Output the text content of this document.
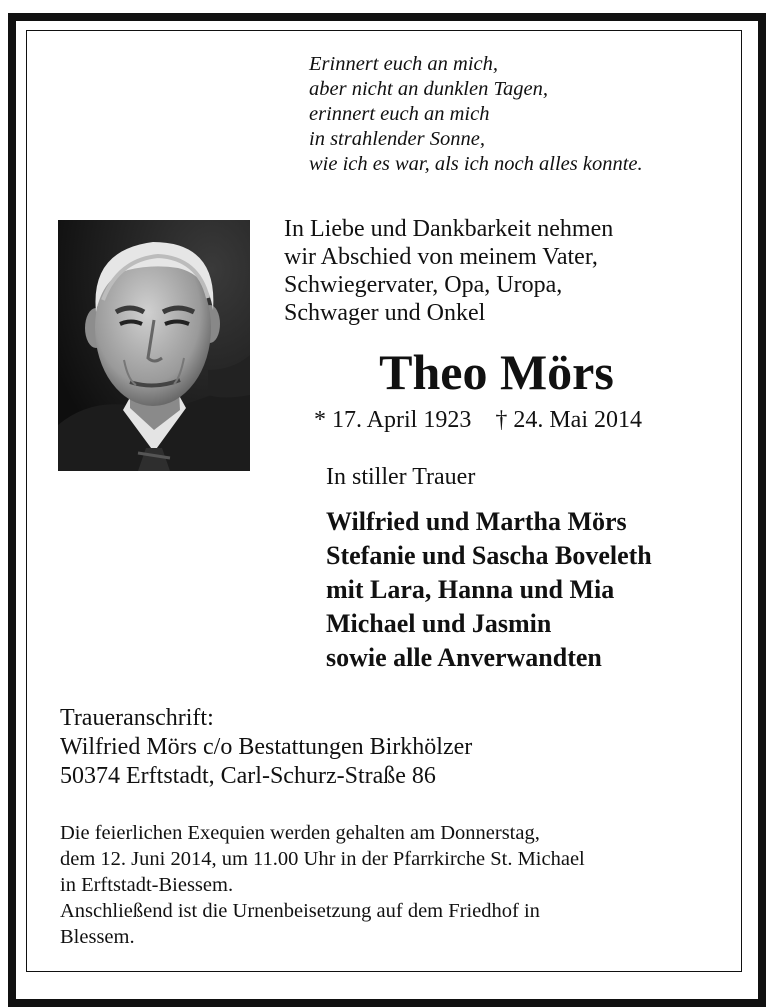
Erinnert euch an mich,
aber nicht an dunklen Tagen,
erinnert euch an mich
in strahlender Sonne,
wie ich es war, als ich noch alles konnte.
In Liebe und Dankbarkeit nehmen
wir Abschied von meinem Vater,
Schwiegervater, Opa, Uropa,
Schwager und Onkel
Theo Mörs
* 17. April 1923 † 24. Mai 2014
In stiller Trauer
Wilfried und Martha Mörs
Stefanie und Sascha Boveleth
mit Lara, Hanna und Mia
Michael und Jasmin
sowie alle Anverwandten
Traueranschrift:
Wilfried Mörs c/o Bestattungen Birkhölzer
50374 Erftstadt, Carl-Schurz-Straße 86
Die feierlichen Exequien werden gehalten am Donnerstag,
dem 12. Juni 2014, um 11.00 Uhr in der Pfarrkirche St. Michael
in Erftstadt-Biessem.
Anschließend ist die Urnenbeisetzung auf dem Friedhof in
Blessem.
